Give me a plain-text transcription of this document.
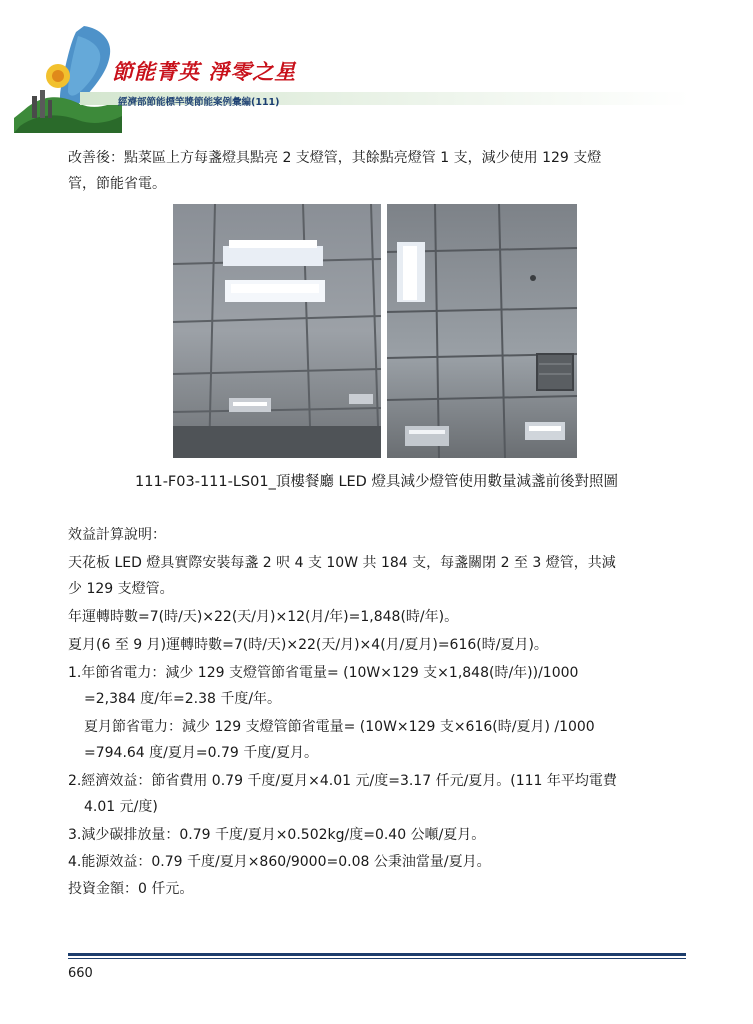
節能菁英 淨零之星
經濟部節能標竿獎節能案例彙編(111)

改善後：點菜區上方每盞燈具點亮 2 支燈管，其餘點亮燈管 1 支，減少使用 129 支燈

管，節能省電。

111-F03-111-LS01_頂樓餐廳 LED 燈具減少燈管使用數量減盞前後對照圖

效益計算說明：

天花板 LED 燈具實際安裝每盞 2 呎 4 支 10W 共 184 支，每盞關閉 2 至 3 燈管，共減

少 129 支燈管。

年運轉時數=7(時/天)×22(天/月)×12(月/年)=1,848(時/年)。

夏月(6 至 9 月)運轉時數=7(時/天)×22(天/月)×4(月/夏月)=616(時/夏月)。

1.年節省電力：減少 129 支燈管節省電量= (10W×129 支×1,848(時/年))/1000

=2,384 度/年=2.38 千度/年。

夏月節省電力：減少 129 支燈管節省電量= (10W×129 支×616(時/夏月) /1000

=794.64 度/夏月=0.79 千度/夏月。

2.經濟效益：節省費用 0.79 千度/夏月×4.01 元/度=3.17 仟元/夏月。(111 年平均電費

4.01 元/度)

3.減少碳排放量：0.79 千度/夏月×0.502kg/度=0.40 公噸/夏月。

4.能源效益：0.79 千度/夏月×860/9000=0.08 公秉油當量/夏月。

投資金額：0 仟元。

660
